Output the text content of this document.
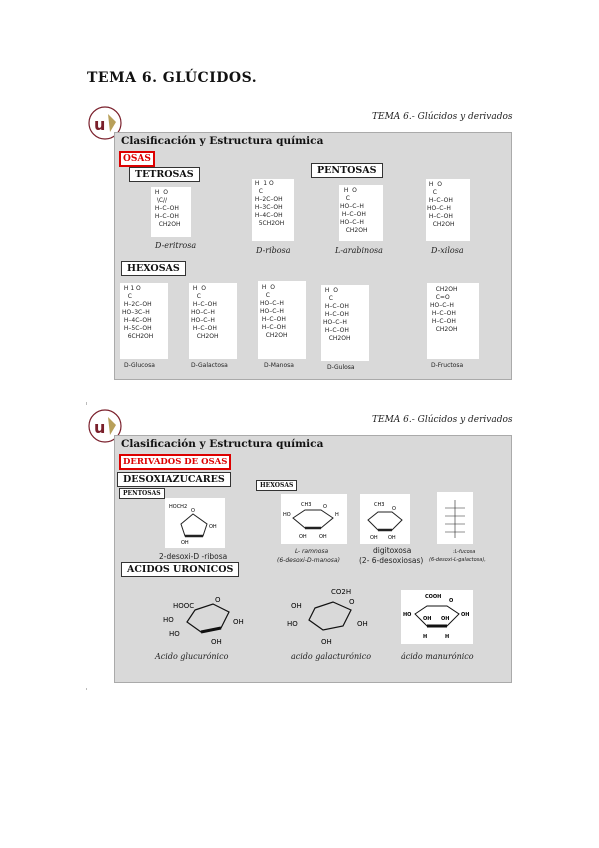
TEMA 6. GLÚCIDOS.
u	TEMA 6.- Glúcidos y derivados
Clasificación y Estructura química
OSAS
TETROSAS	PENTOSAS
HEXOSAS
H  O
\C//
H–C–OH
H–C–OH
CH2OH
D-eritrosa
H  1 O
C
H–2C–OH
H–3C–OH
H–4C–OH
5CH2OH
D-ribosa
H  O
C
HO–C–H
H–C–OH
HO–C–H
CH2OH
L-arabinosa
H  O
C
H–C–OH
HO–C–H
H–C–OH
CH2OH
D-xilosa
H 1 O
C
H–2C–OH
HO–3C–H
H–4C–OH
H–5C–OH
6CH2OH
D-Glucosa
H  O
C
H–C–OH
HO–C–H
HO–C–H
H–C–OH
CH2OH
D-Galactosa
H  O
C
HO–C–H
HO–C–H
H–C–OH
H–C–OH
CH2OH
D-Manosa
H  O
C
H–C–OH
H–C–OH
HO–C–H
H–C–OH
CH2OH
D-Gulosa
CH2OH
C=O
HO–C–H
H–C–OH
H–C–OH
CH2OH
D-Fructosa
u	TEMA 6.- Glúcidos y derivados
Clasificación y Estructura química
DERIVADOS DE OSAS
DESOXIAZUCARES
PENTOSAS
HEXOSAS
ACIDOS URONICOS
O
HOCH2
OH
OH
2-desoxi-D -ribosa
O
CH3
HO	H
OH OH
L- ramnosa
(6-desoxi-D-manosa)
O
CH3
OH OH
digitoxosa
(2- 6-desoxiosas)
:L-fucosa
(6-desoxi-L-galactosa),
HOOC
HO
HO
O
OH
OH
Acido glucurónico
CO2H
OH	O
HO	OH
OH
acido galacturónico
COOH
O
HO	OH
OH OH
H	H
ácido manurónico
